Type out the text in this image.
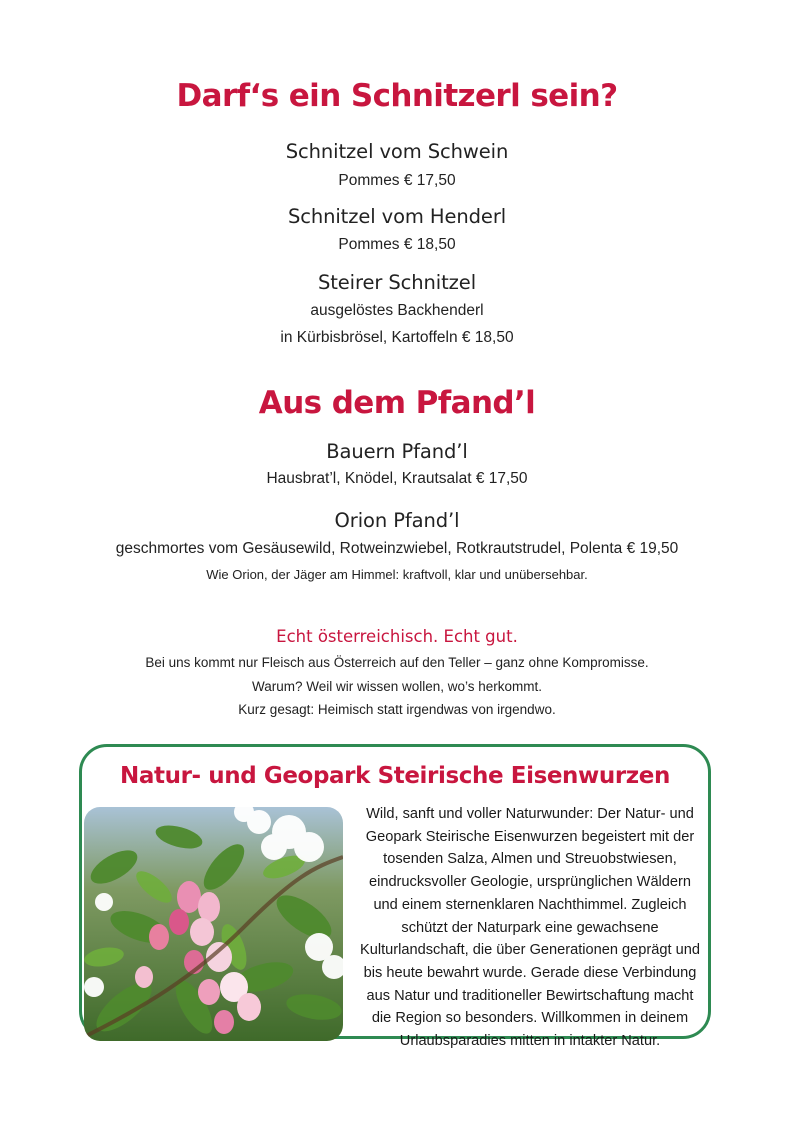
Darf‘s ein Schnitzerl sein?
Schnitzel vom Schwein
Pommes € 17,50
Schnitzel vom Henderl
Pommes € 18,50
Steirer Schnitzel
ausgelöstes Backhenderl
in Kürbisbrösel, Kartoffeln € 18,50
Aus dem Pfand’l
Bauern Pfand’l
Hausbrat’l, Knödel, Krautsalat € 17,50
Orion Pfand’l
geschmortes vom Gesäusewild, Rotweinzwiebel, Rotkrautstrudel, Polenta € 19,50
Wie Orion, der Jäger am Himmel: kraftvoll, klar und unübersehbar.
Echt österreichisch. Echt gut.
Bei uns kommt nur Fleisch aus Österreich auf den Teller – ganz ohne Kompromisse.
Warum? Weil wir wissen wollen, wo’s herkommt.
Kurz gesagt: Heimisch statt irgendwas von irgendwo.
Natur- und Geopark Steirische Eisenwurzen
Wild, sanft und voller Naturwunder: Der Natur- und
Geopark Steirische Eisenwurzen begeistert mit der
tosenden Salza, Almen und Streuobstwiesen,
eindrucksvoller Geologie, ursprünglichen Wäldern
und einem sternenklaren Nachthimmel. Zugleich
schützt der Naturpark eine gewachsene
Kulturlandschaft, die über Generationen geprägt und
bis heute bewahrt wurde. Gerade diese Verbindung
aus Natur und traditioneller Bewirtschaftung macht
die Region so besonders. Willkommen in deinem
Urlaubsparadies mitten in intakter Natur.
